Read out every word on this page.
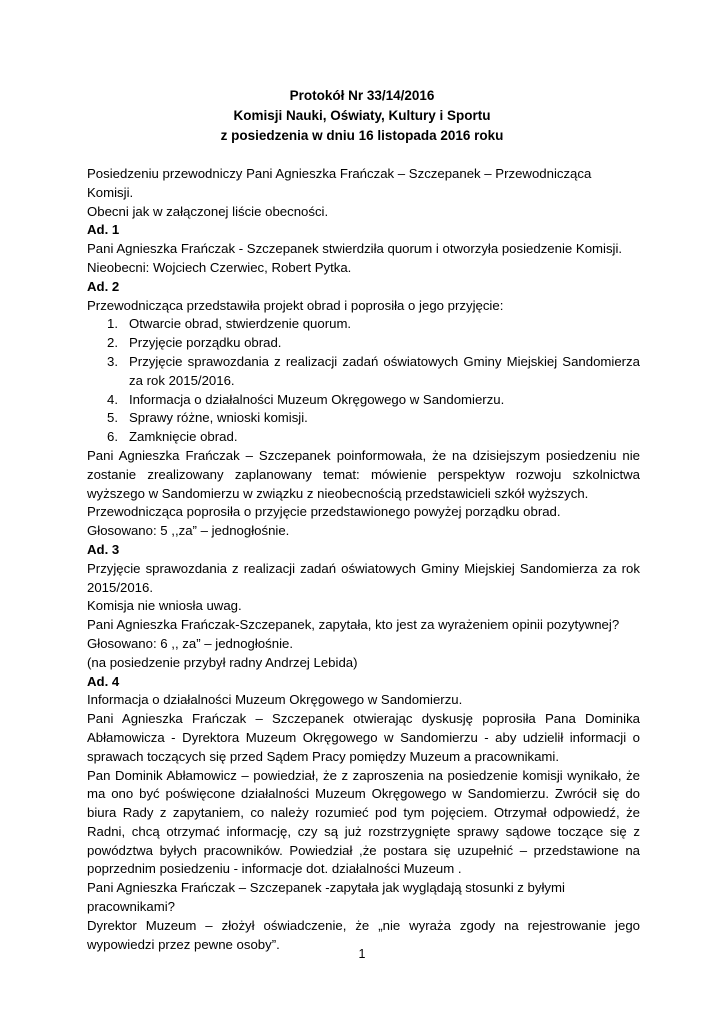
Protokół Nr 33/14/2016
Komisji Nauki, Oświaty, Kultury i Sportu
z posiedzenia w dniu 16 listopada 2016 roku

Posiedzeniu przewodniczy Pani Agnieszka Frańczak – Szczepanek – Przewodnicząca Komisji.

Obecni jak w załączonej liście obecności.

Ad. 1

Pani Agnieszka Frańczak - Szczepanek stwierdziła quorum i otworzyła posiedzenie Komisji.

Nieobecni: Wojciech Czerwiec, Robert Pytka.

Ad. 2

Przewodnicząca przedstawiła projekt obrad i poprosiła o jego przyjęcie:

1. Otwarcie obrad, stwierdzenie quorum.
2. Przyjęcie porządku obrad.
3. Przyjęcie sprawozdania z realizacji zadań oświatowych Gminy Miejskiej Sandomierza za rok 2015/2016.
4. Informacja o działalności Muzeum Okręgowego w Sandomierzu.
5. Sprawy różne, wnioski komisji.
6. Zamknięcie obrad.

Pani Agnieszka Frańczak – Szczepanek poinformowała, że na dzisiejszym posiedzeniu nie zostanie zrealizowany zaplanowany temat: mówienie perspektyw rozwoju szkolnictwa wyższego w Sandomierzu w związku z nieobecnością przedstawicieli szkół wyższych.

Przewodnicząca poprosiła o przyjęcie przedstawionego powyżej porządku obrad.

Głosowano: 5 ,,za” – jednogłośnie.

Ad. 3

Przyjęcie sprawozdania z realizacji zadań oświatowych Gminy Miejskiej Sandomierza za rok 2015/2016.

Komisja nie wniosła uwag.

Pani Agnieszka Frańczak-Szczepanek, zapytała, kto jest za wyrażeniem opinii pozytywnej?

Głosowano: 6 ,, za” – jednogłośnie.

(na posiedzenie przybył radny Andrzej Lebida)

Ad. 4

Informacja o działalności Muzeum Okręgowego w Sandomierzu.

Pani Agnieszka Frańczak – Szczepanek otwierając dyskusję poprosiła Pana Dominika Abłamowicza - Dyrektora Muzeum Okręgowego w Sandomierzu - aby udzielił informacji o sprawach toczących się przed Sądem Pracy pomiędzy Muzeum a pracownikami.

Pan Dominik Abłamowicz – powiedział, że z zaproszenia na posiedzenie komisji wynikało, że ma ono być poświęcone działalności Muzeum Okręgowego w Sandomierzu. Zwrócił się do biura Rady z zapytaniem, co należy rozumieć pod tym pojęciem. Otrzymał odpowiedź, że Radni, chcą otrzymać informację, czy są już rozstrzygnięte sprawy sądowe toczące się z powództwa byłych pracowników. Powiedział ,że postara się uzupełnić – przedstawione na poprzednim posiedzeniu - informacje dot. działalności Muzeum .

Pani Agnieszka Frańczak – Szczepanek -zapytała jak wyglądają stosunki z byłymi pracownikami?

Dyrektor Muzeum – złożył oświadczenie, że „nie wyraża zgody na rejestrowanie jego wypowiedzi przez pewne osoby”.

1
